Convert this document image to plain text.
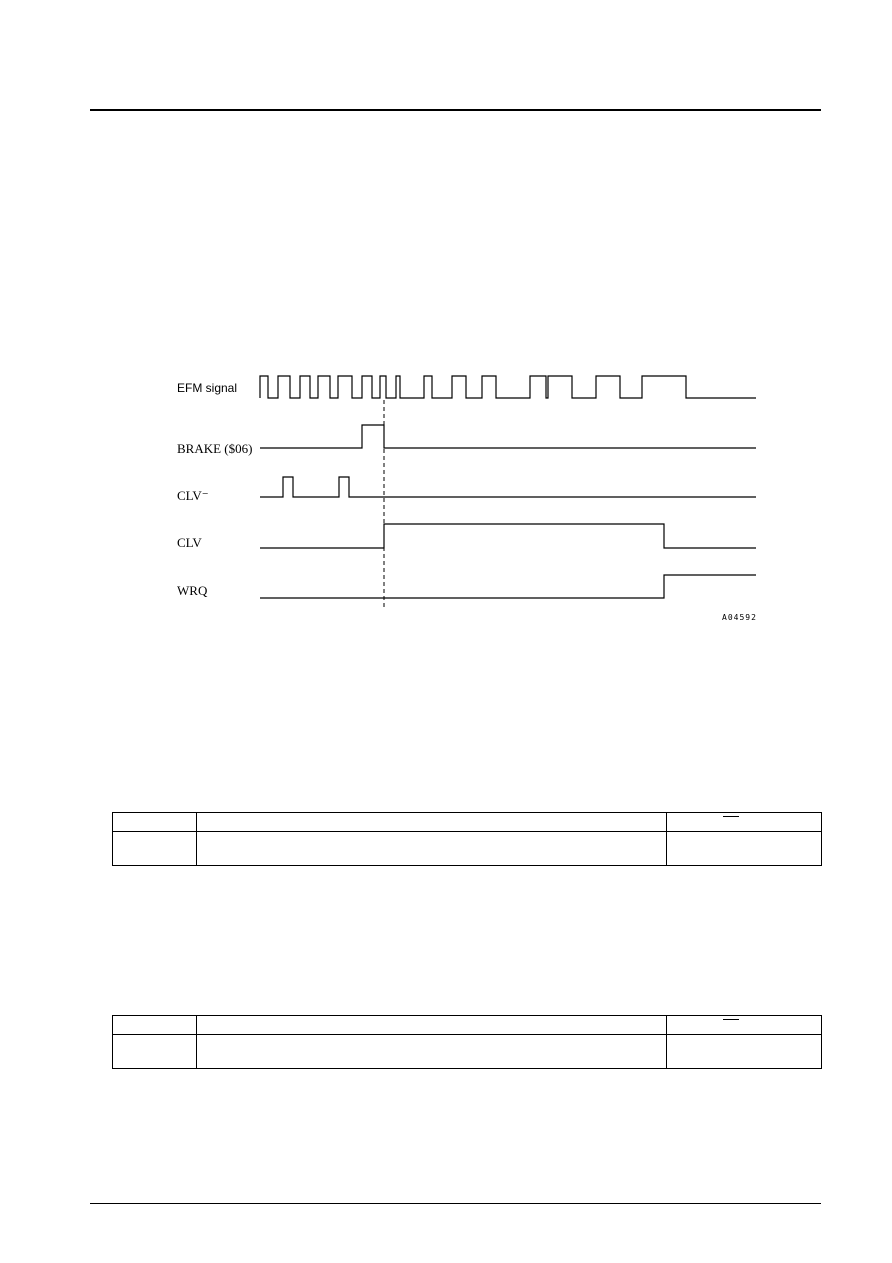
EFM signal
BRAKE ($06)
CLV⁻
CLV
WRQ
A04592
